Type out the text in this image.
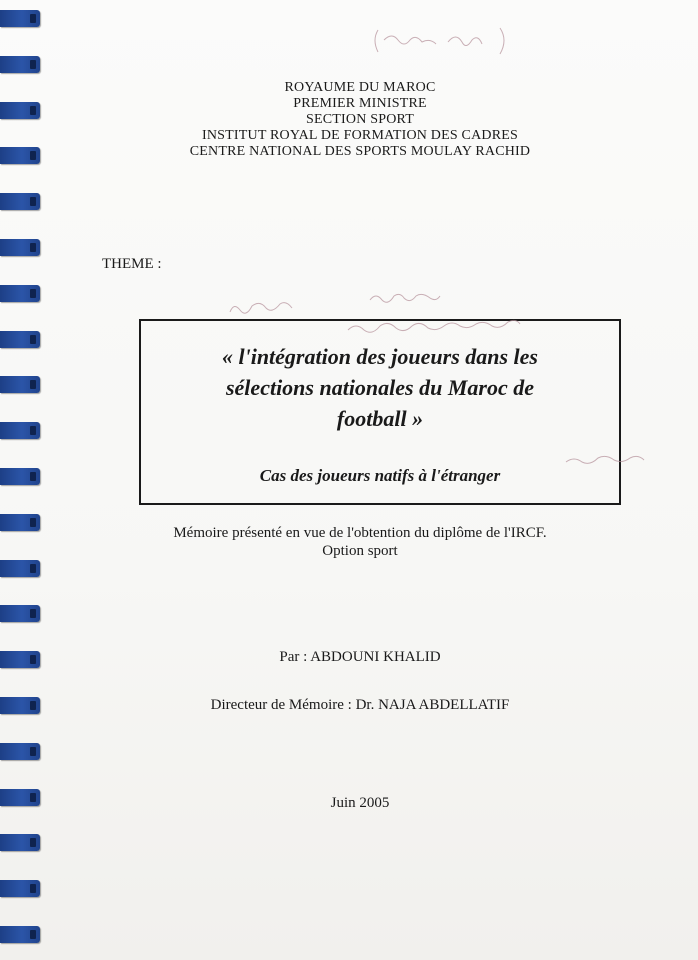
ROYAUME DU MAROC
PREMIER MINISTRE
SECTION SPORT
INSTITUT ROYAL DE FORMATION DES CADRES
CENTRE NATIONAL DES SPORTS MOULAY RACHID
THEME :
« l'intégration des joueurs dans les
sélections nationales du Maroc de
football »
Cas des joueurs natifs à l'étranger
Mémoire présenté en vue de l'obtention du diplôme de l'IRCF.
Option sport
Par : ABDOUNI KHALID
Directeur de Mémoire : Dr. NAJA ABDELLATIF
Juin 2005
